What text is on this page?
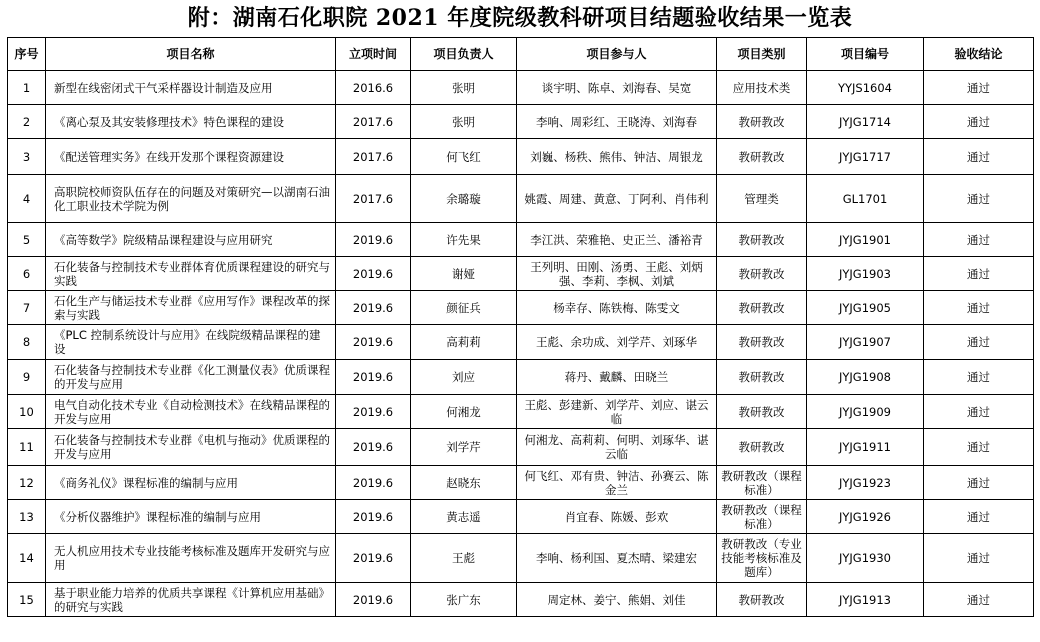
附：湖南石化职院 2021 年度院级教科研项目结题验收结果一览表
序号	项目名称	立项时间	项目负责人	项目参与人	项目类别	项目编号	验收结论
1	新型在线密闭式干气采样器设计制造及应用	2016.6	张明	谈宇明、陈卓、刘海春、吴宽	应用技术类	YYJS1604	通过
2	《离心泵及其安装修理技术》特色课程的建设	2017.6	张明	李响、周彩红、王晓涛、刘海春	教研教改	JYJG1714	通过
3	《配送管理实务》在线开发那个课程资源建设	2017.6	何飞红	刘巍、杨秩、熊伟、钟洁、周银龙	教研教改	JYJG1717	通过
4	高职院校师资队伍存在的问题及对策研究—以湖南石油化工职业技术学院为例	2017.6	余璐璇	姚霞、周建、黄意、丁阿利、肖伟利	管理类	GL1701	通过
5	《高等数学》院级精品课程建设与应用研究	2019.6	许先果	李江洪、荣雅艳、史正兰、潘裕青	教研教改	JYJG1901	通过
6	石化装备与控制技术专业群体育优质课程建设的研究与实践	2019.6	谢娅	王列明、田刚、汤勇、王彪、刘炳强、李莉、李枫、刘斌	教研教改	JYJG1903	通过
7	石化生产与储运技术专业群《应用写作》课程改革的探索与实践	2019.6	颜征兵	杨幸存、陈铁梅、陈雯文	教研教改	JYJG1905	通过
8	《PLC 控制系统设计与应用》在线院级精品课程的建设	2019.6	高莉莉	王彪、余功成、刘学芹、刘琢华	教研教改	JYJG1907	通过
9	石化装备与控制技术专业群《化工测量仪表》优质课程的开发与应用	2019.6	刘应	蒋丹、戴麟、田晓兰	教研教改	JYJG1908	通过
10	电气自动化技术专业《自动检测技术》在线精品课程的开发与应用	2019.6	何湘龙	王彪、彭建新、刘学芹、刘应、谌云临	教研教改	JYJG1909	通过
11	石化装备与控制技术专业群《电机与拖动》优质课程的开发与应用	2019.6	刘学芹	何湘龙、高莉莉、何明、刘琢华、谌云临	教研教改	JYJG1911	通过
12	《商务礼仪》课程标准的编制与应用	2019.6	赵晓东	何飞红、邓有贵、钟洁、孙赛云、陈金兰	教研教改（课程标准）	JYJG1923	通过
13	《分析仪器维护》课程标准的编制与应用	2019.6	黄志遥	肖宜春、陈媛、彭欢	教研教改（课程标准）	JYJG1926	通过
14	无人机应用技术专业技能考核标准及题库开发研究与应用	2019.6	王彪	李响、杨利国、夏杰晴、梁建宏	教研教改（专业技能考核标准及题库）	JYJG1930	通过
15	基于职业能力培养的优质共享课程《计算机应用基础》的研究与实践	2019.6	张广东	周定林、姜宁、熊娟、刘佳	教研教改	JYJG1913	通过
